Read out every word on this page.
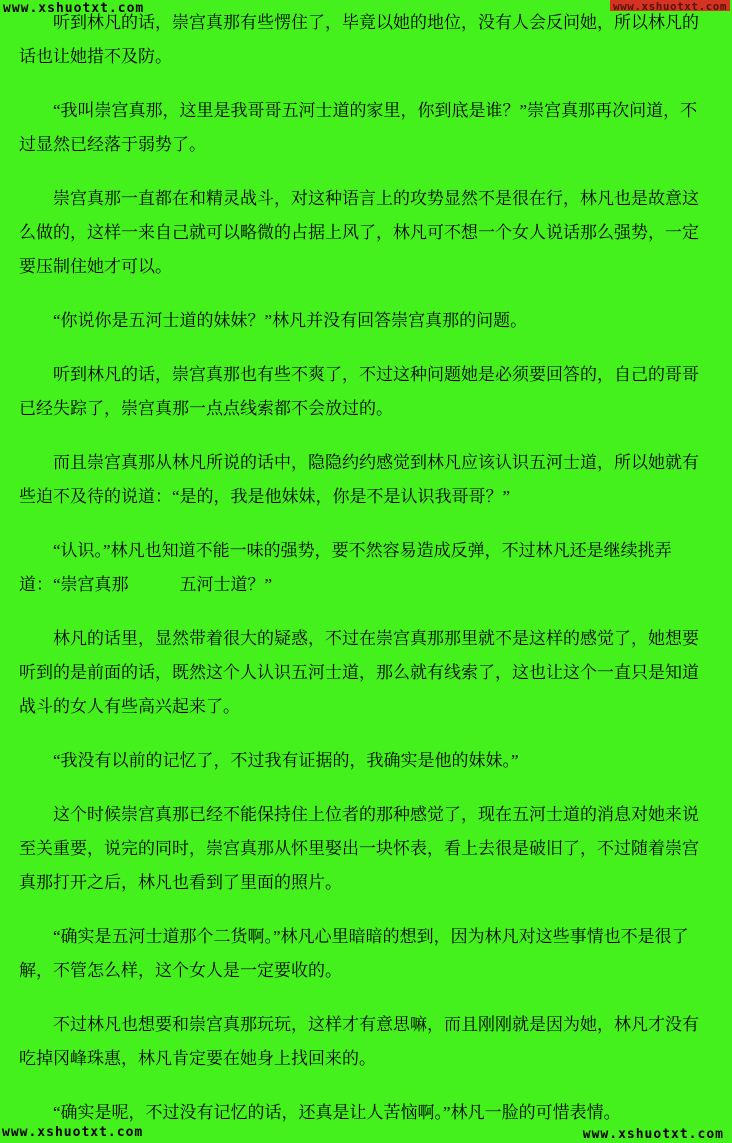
www.xshuotxt.com	www.xshuotxt.com

听到林凡的话，崇宫真那有些愣住了，毕竟以她的地位，没有人会反问她，所以林凡的话也让她措不及防。

“我叫崇宫真那，这里是我哥哥五河士道的家里，你到底是谁？”崇宫真那再次问道，不过显然已经落于弱势了。

崇宫真那一直都在和精灵战斗，对这种语言上的攻势显然不是很在行，林凡也是故意这么做的，这样一来自己就可以略微的占据上风了，林凡可不想一个女人说话那么强势，一定要压制住她才可以。

“你说你是五河士道的妹妹？”林凡并没有回答崇宫真那的问题。

听到林凡的话，崇宫真那也有些不爽了，不过这种问题她是必须要回答的，自己的哥哥已经失踪了，崇宫真那一点点线索都不会放过的。

而且崇宫真那从林凡所说的话中，隐隐约约感觉到林凡应该认识五河士道，所以她就有些迫不及待的说道：“是的，我是他妹妹，你是不是认识我哥哥？”

“认识。”林凡也知道不能一味的强势，要不然容易造成反弹，不过林凡还是继续挑弄道：“崇宫真那　　　五河士道？”

林凡的话里，显然带着很大的疑惑，不过在崇宫真那那里就不是这样的感觉了，她想要听到的是前面的话，既然这个人认识五河士道，那么就有线索了，这也让这个一直只是知道战斗的女人有些高兴起来了。

“我没有以前的记忆了，不过我有证据的，我确实是他的妹妹。”

这个时候崇宫真那已经不能保持住上位者的那种感觉了，现在五河士道的消息对她来说至关重要，说完的同时，崇宫真那从怀里娶出一块怀表，看上去很是破旧了，不过随着崇宫真那打开之后，林凡也看到了里面的照片。

“确实是五河士道那个二货啊。”林凡心里暗暗的想到，因为林凡对这些事情也不是很了解，不管怎么样，这个女人是一定要收的。

不过林凡也想要和崇宫真那玩玩，这样才有意思嘛，而且刚刚就是因为她，林凡才没有吃掉冈峰珠惠，林凡肯定要在她身上找回来的。

“确实是呢，不过没有记忆的话，还真是让人苦恼啊。”林凡一脸的可惜表情。

www.xshuotxt.com	www.xshuotxt.com
